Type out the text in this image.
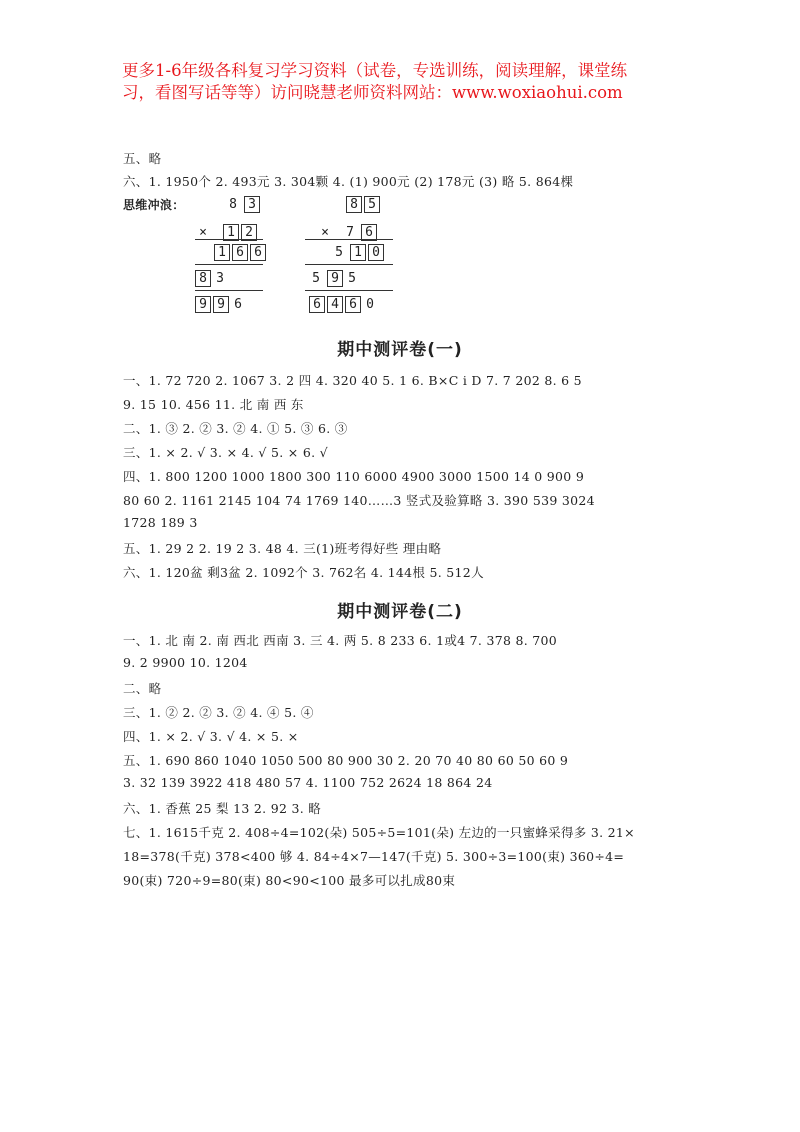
更多1-6年级各科复习学习资料（试卷，专选训练，阅读理解，课堂练
习，看图写话等等）访问晓慧老师资料网站：www.woxiaohui.com
五、略
六、1. 1950个 2. 493元 3. 304颗 4. (1) 900元 (2) 178元 (3) 略 5. 864棵
思维冲浪：	8 3
× 1 2
1 6 6
8 3
9 9 6
8 5
× 7 6
5 1 0
5 9 5
6 4 6 0
期中测评卷(一)
一、1. 72 720 2. 1067 3. 2 四 4. 320 40 5. 1 6. B×C i D 7. 7 202 8. 6 5
9. 15 10. 456 11. 北 南 西 东
二、1. ③ 2. ② 3. ② 4. ① 5. ③ 6. ③
三、1. × 2. √ 3. × 4. √ 5. × 6. √
四、1. 800 1200 1000 1800 300 110 6000 4900 3000 1500 14 0 900 9
80 60 2. 1161 2145 104 74 1769 140……3 竖式及验算略 3. 390 539 3024
1728 189 3
五、1. 29 2 2. 19 2 3. 48 4. 三(1)班考得好些 理由略
六、1. 120盆 剩3盆 2. 1092个 3. 762名 4. 144根 5. 512人
期中测评卷(二)
一、1. 北 南 2. 南 西北 西南 3. 三 4. 两 5. 8 233 6. 1或4 7. 378 8. 700
9. 2 9900 10. 1204
二、略
三、1. ② 2. ② 3. ② 4. ④ 5. ④
四、1. × 2. √ 3. √ 4. × 5. ×
五、1. 690 860 1040 1050 500 80 900 30 2. 20 70 40 80 60 50 60 9
3. 32 139 3922 418 480 57 4. 1100 752 2624 18 864 24
六、1. 香蕉 25 梨 13 2. 92 3. 略
七、1. 1615千克 2. 408÷4=102(朵) 505÷5=101(朵) 左边的一只蜜蜂采得多 3. 21×
18=378(千克) 378<400 够 4. 84÷4×7—147(千克) 5. 300÷3=100(束) 360÷4=
90(束) 720÷9=80(束) 80<90<100 最多可以扎成80束
